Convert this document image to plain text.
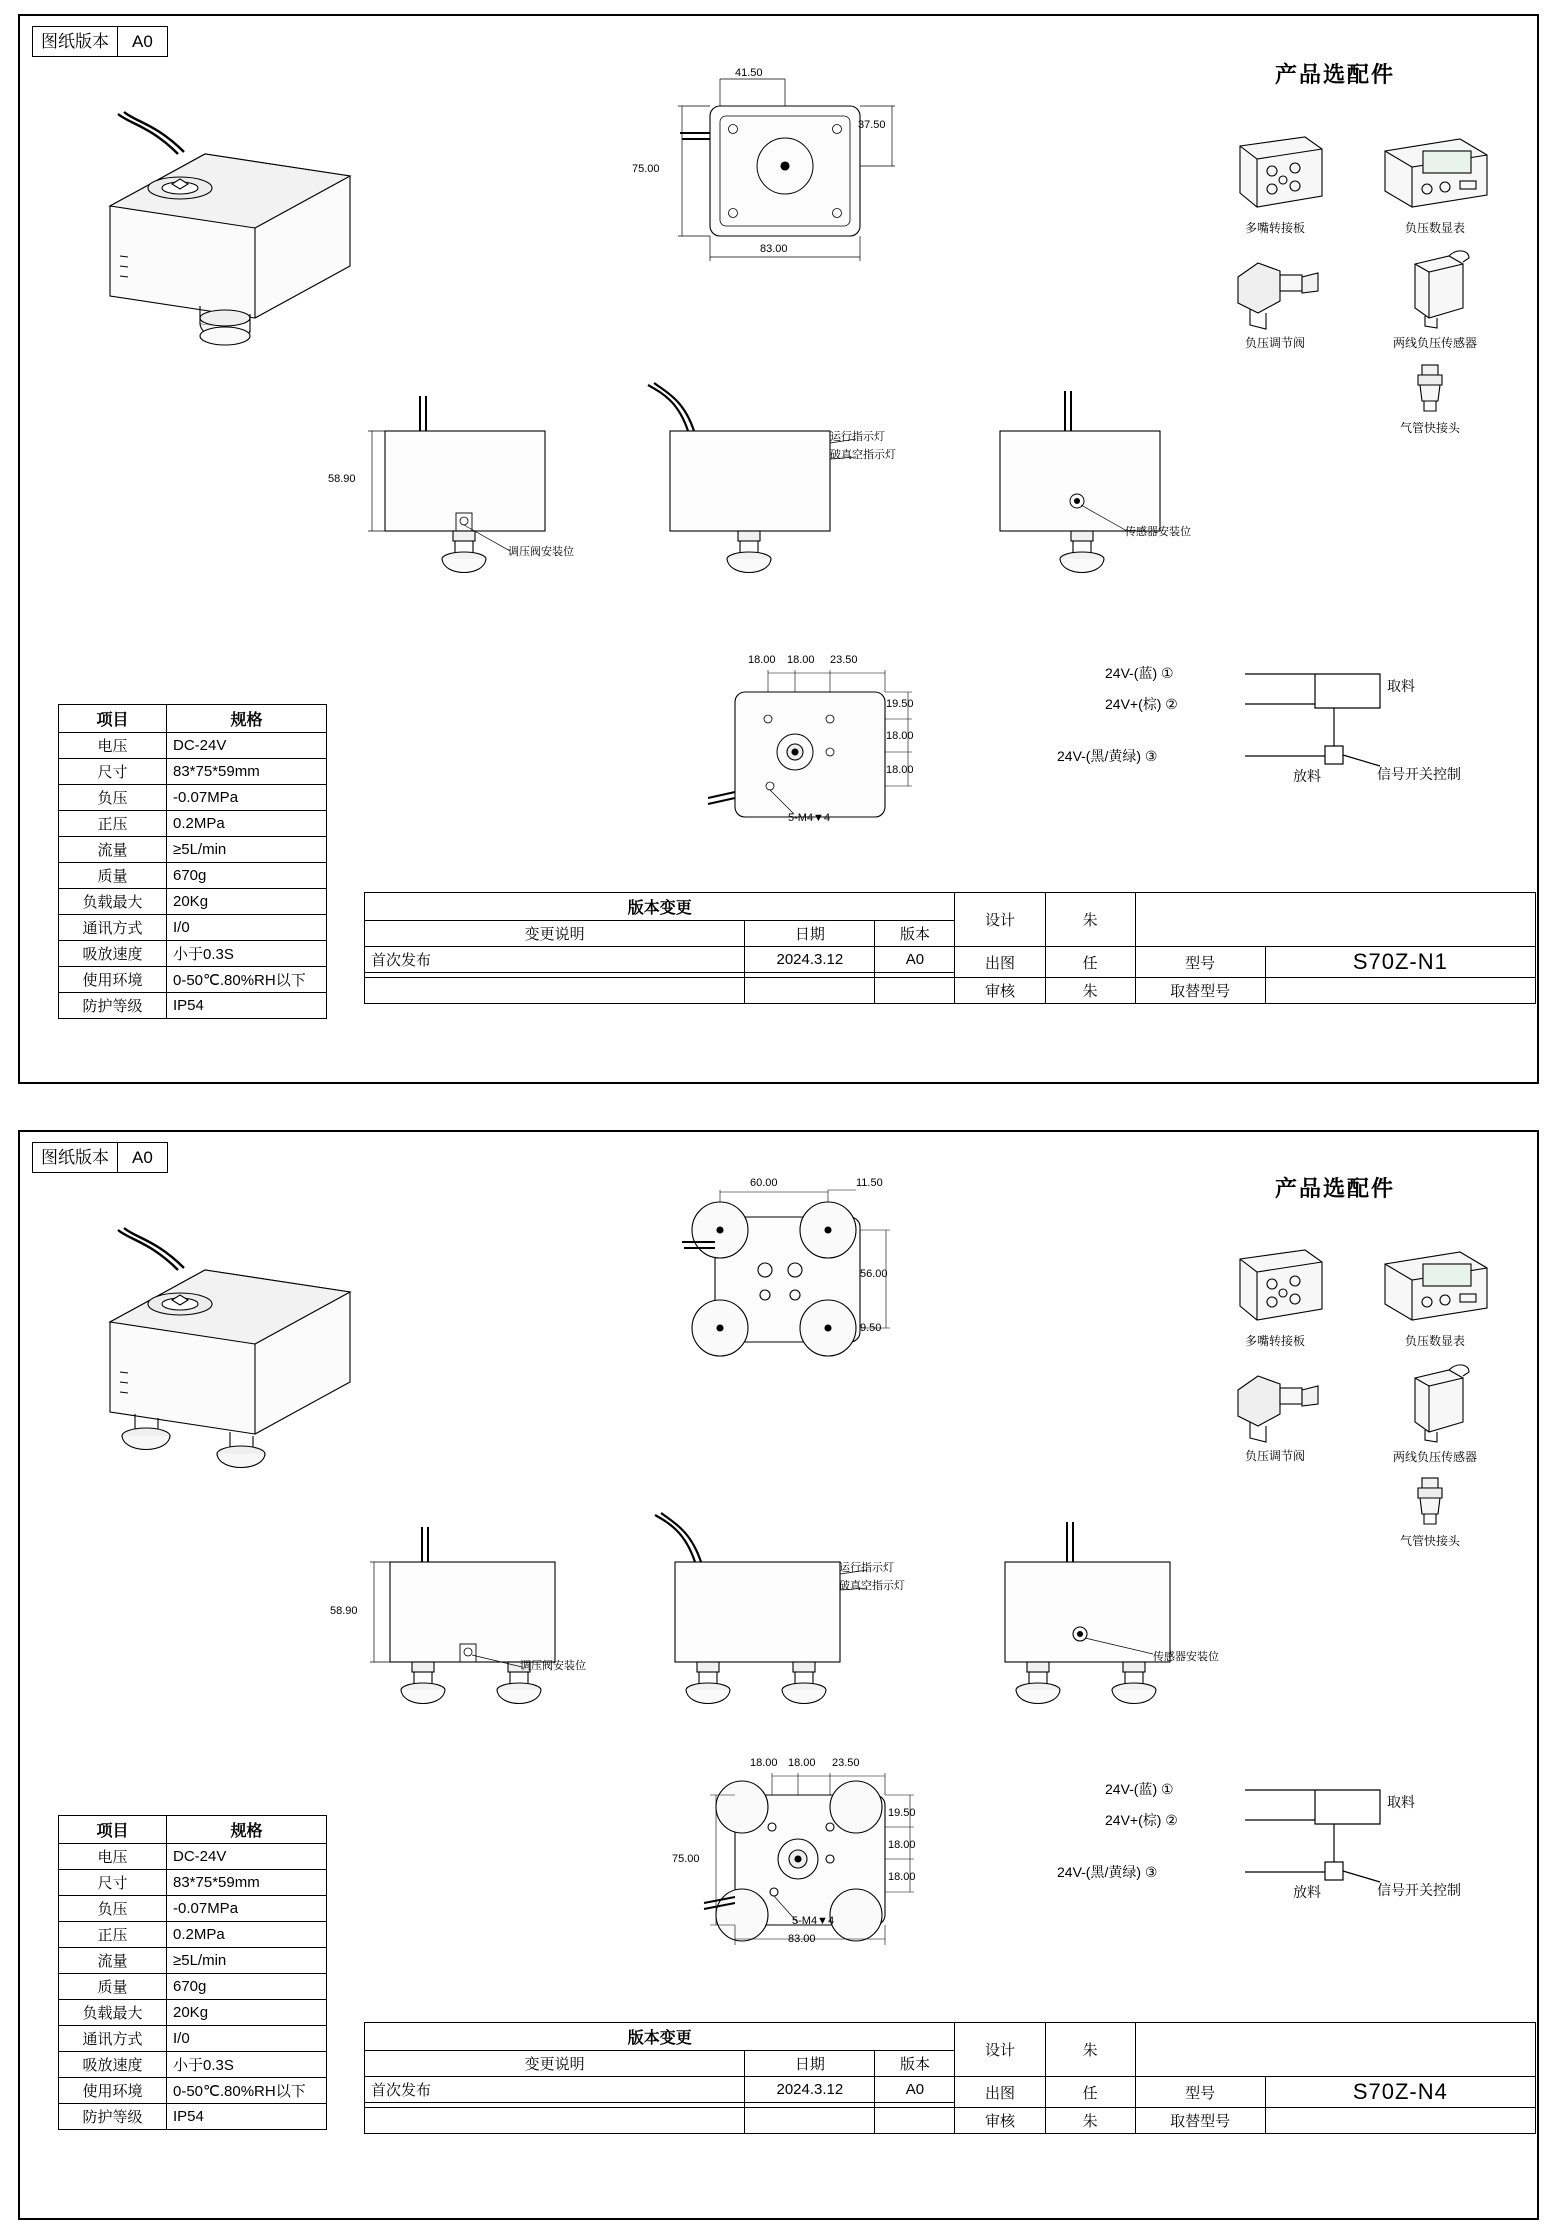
图纸版本	A0
41.50
37.50
75.00
83.00
58.90
调压阀安装位
运行指示灯
破真空指示灯
传感器安装位
18.00 18.00 23.50
19.50
18.00
18.00
5-M4▼4
24V-(蓝) ①
24V+(棕) ②
24V-(黑/黄绿) ③
取料
放料	信号开关控制
产品选配件
多嘴转接板	负压数显表
负压调节阀	两线负压传感器
气管快接头
项目	规格
电压	DC-24V
尺寸	83*75*59mm
负压	-0.07MPa
正压	0.2MPa
流量	≥5L/min
质量	670g
负载最大	20Kg
通讯方式	I/0
吸放速度	小于0.3S
使用环境	0-50℃.80%RH以下
防护等级	IP54
版本变更			设计	朱		
变更说明	日期	版本				
首次发布	2024.3.12	A0	出图	任	型号	S70Z-N1

			审核	朱	取替型号	
图纸版本	A0
60.00	11.50
56.00
9.50
58.90
调压阀安装位
运行指示灯
破真空指示灯
传感器安装位
18.00 18.00 23.50
19.50
18.00
18.00
75.00
83.00
5-M4▼4
24V-(蓝) ①
24V+(棕) ②
24V-(黑/黄绿) ③
取料
放料	信号开关控制
产品选配件
多嘴转接板	负压数显表
负压调节阀	两线负压传感器
气管快接头
项目	规格
电压	DC-24V
尺寸	83*75*59mm
负压	-0.07MPa
正压	0.2MPa
流量	≥5L/min
质量	670g
负载最大	20Kg
通讯方式	I/0
吸放速度	小于0.3S
使用环境	0-50℃.80%RH以下
防护等级	IP54
版本变更			设计	朱		
变更说明	日期	版本				
首次发布	2024.3.12	A0	出图	任	型号	S70Z-N4

			审核	朱	取替型号	
